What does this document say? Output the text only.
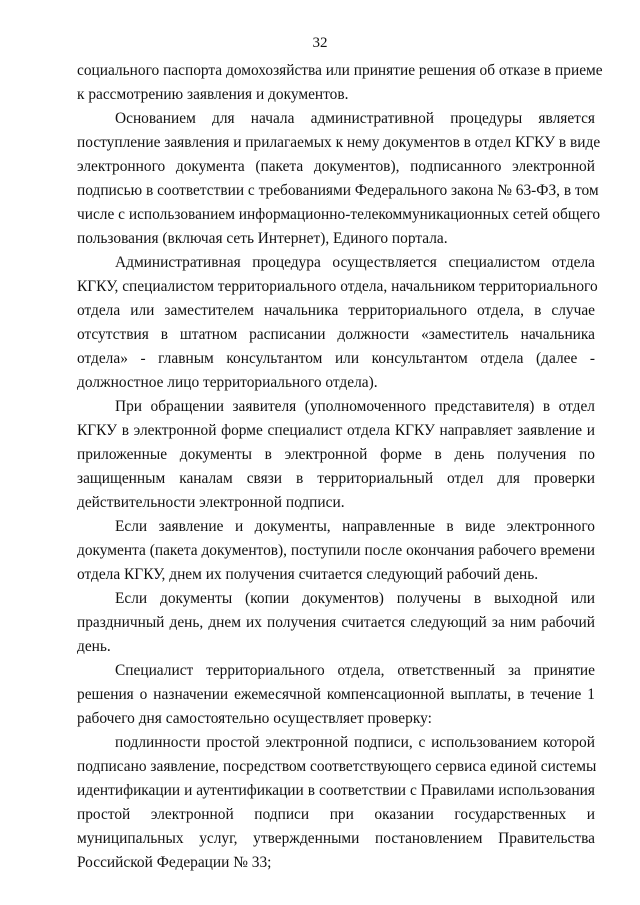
32
социального паспорта домохозяйства или принятие решения об отказе в приеме
к рассмотрению заявления и документов.
Основанием для начала административной процедуры является
поступление заявления и прилагаемых к нему документов в отдел КГКУ в виде
электронного документа (пакета документов), подписанного электронной
подписью в соответствии с требованиями Федерального закона № 63-ФЗ, в том
числе с использованием информационно-телекоммуникационных сетей общего
пользования (включая сеть Интернет), Единого портала.
Административная процедура осуществляется специалистом отдела
КГКУ, специалистом территориального отдела, начальником территориального
отдела или заместителем начальника территориального отдела, в случае
отсутствия в штатном расписании должности «заместитель начальника
отдела» - главным консультантом или консультантом отдела (далее -
должностное лицо территориального отдела).
При обращении заявителя (уполномоченного представителя) в отдел
КГКУ в электронной форме специалист отдела КГКУ направляет заявление и
приложенные документы в электронной форме в день получения по
защищенным каналам связи в территориальный отдел для проверки
действительности электронной подписи.
Если заявление и документы, направленные в виде электронного
документа (пакета документов), поступили после окончания рабочего времени
отдела КГКУ, днем их получения считается следующий рабочий день.
Если документы (копии документов) получены в выходной или
праздничный день, днем их получения считается следующий за ним рабочий
день.
Специалист территориального отдела, ответственный за принятие
решения о назначении ежемесячной компенсационной выплаты, в течение 1
рабочего дня самостоятельно осуществляет проверку:
подлинности простой электронной подписи, с использованием которой
подписано заявление, посредством соответствующего сервиса единой системы
идентификации и аутентификации в соответствии с Правилами использования
простой электронной подписи при оказании государственных и
муниципальных услуг, утвержденными постановлением Правительства
Российской Федерации № 33;
